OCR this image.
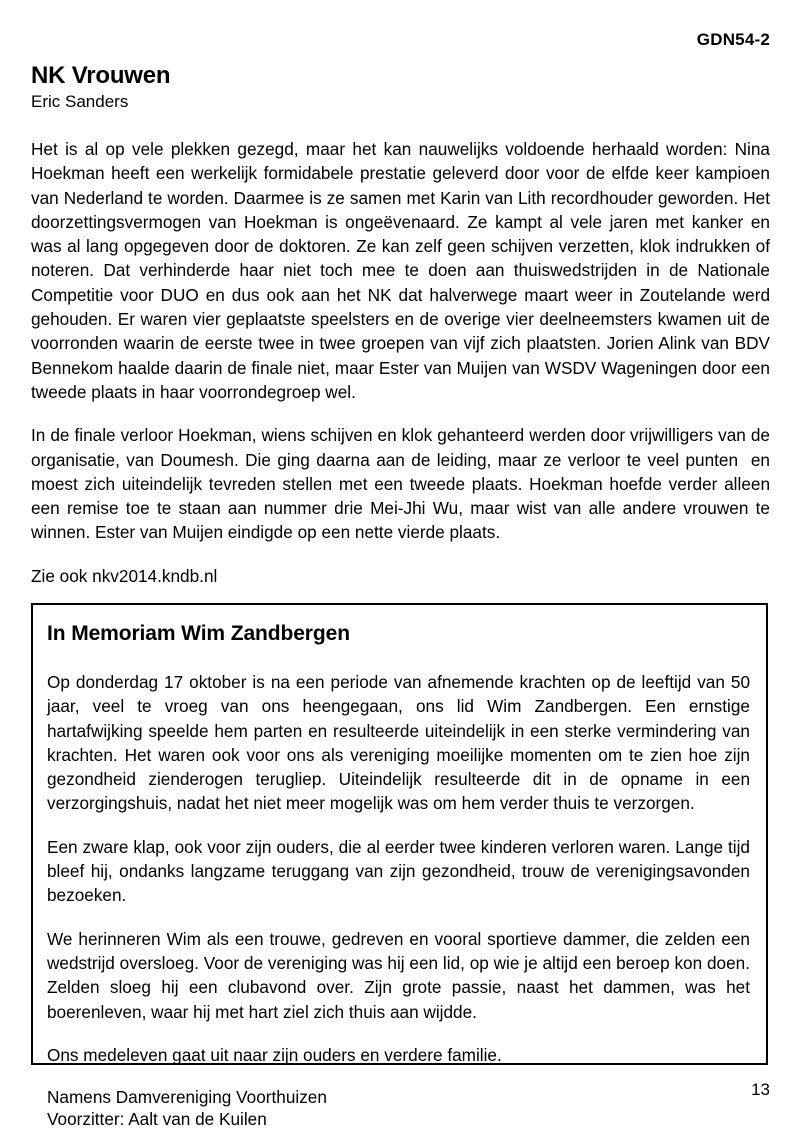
GDN54-2
NK Vrouwen

Eric Sanders

Het is al op vele plekken gezegd, maar het kan nauwelijks voldoende herhaald worden: Nina Hoekman heeft een werkelijk formidabele prestatie geleverd door voor de elfde keer kampioen van Nederland te worden. Daarmee is ze samen met Karin van Lith recordhouder geworden. Het doorzettingsvermogen van Hoekman is ongeëvenaard. Ze kampt al vele jaren met kanker en was al lang opgegeven door de doktoren. Ze kan zelf geen schijven verzetten, klok indrukken of noteren. Dat verhinderde haar niet toch mee te doen aan thuiswedstrijden in de Nationale Competitie voor DUO en dus ook aan het NK dat halverwege maart weer in Zoutelande werd gehouden. Er waren vier geplaatste speelsters en de overige vier deelneemsters kwamen uit de voorronden waarin de eerste twee in twee groepen van vijf zich plaatsten. Jorien Alink van BDV Bennekom haalde daarin de finale niet, maar Ester van Muijen van WSDV Wageningen door een tweede plaats in haar voorrondegroep wel.

In de finale verloor Hoekman, wiens schijven en klok gehanteerd werden door vrijwilligers van de organisatie, van Doumesh. Die ging daarna aan de leiding, maar ze verloor te veel punten  en moest zich uiteindelijk tevreden stellen met een tweede plaats. Hoekman hoefde verder alleen een remise toe te staan aan nummer drie Mei-Jhi Wu, maar wist van alle andere vrouwen te winnen. Ester van Muijen eindigde op een nette vierde plaats.

Zie ook nkv2014.kndb.nl

In Memoriam Wim Zandbergen

Op donderdag 17 oktober is na een periode van afnemende krachten op de leeftijd van 50 jaar, veel te vroeg van ons heengegaan, ons lid Wim Zandbergen. Een ernstige hartafwijking speelde hem parten en resulteerde uiteindelijk in een sterke vermindering van krachten. Het waren ook voor ons als vereniging moeilijke momenten om te zien hoe zijn gezondheid zienderogen terugliep. Uiteindelijk resulteerde dit in de opname in een verzorgingshuis, nadat het niet meer mogelijk was om hem verder thuis te verzorgen.

Een zware klap, ook voor zijn ouders, die al eerder twee kinderen verloren waren. Lange tijd bleef hij, ondanks langzame teruggang van zijn gezondheid, trouw de verenigingsavonden bezoeken.

We herinneren Wim als een trouwe, gedreven en vooral sportieve dammer, die zelden een wedstrijd oversloeg. Voor de vereniging was hij een lid, op wie je altijd een beroep kon doen. Zelden sloeg hij een clubavond over. Zijn grote passie, naast het dammen, was het boerenleven, waar hij met hart ziel zich thuis aan wijdde.

Ons medeleven gaat uit naar zijn ouders en verdere familie.

Namens Damvereniging Voorthuizen

Voorzitter: Aalt van de Kuilen

13
